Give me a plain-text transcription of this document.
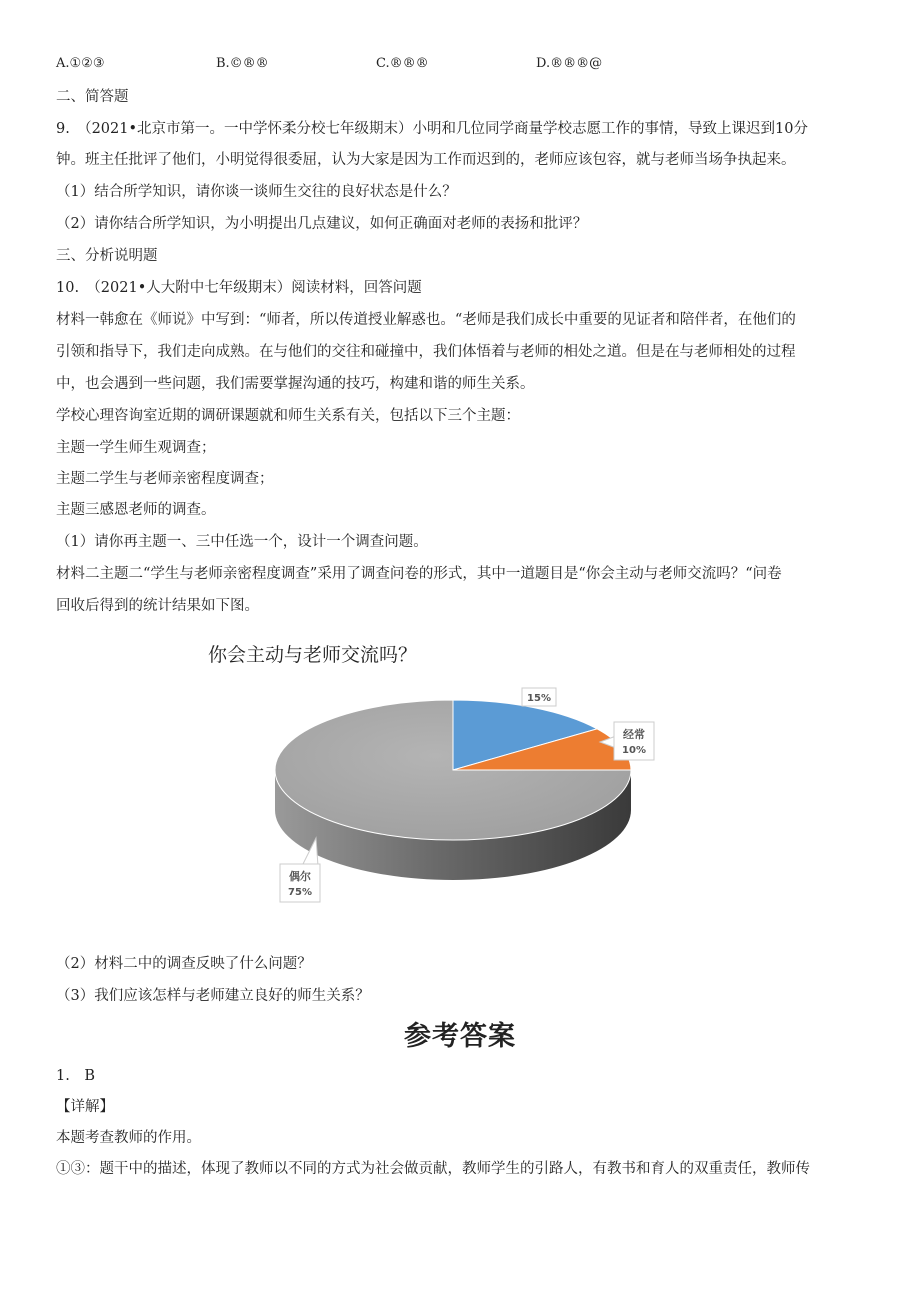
A.①②③	B.©®®	C.®®®	D.®®®@
二、简答题
9.　（2021•北京市第一。一中学怀柔分校七年级期末）小明和几位同学商量学校志愿工作的事情，导致上课迟到10分
钟。班主任批评了他们，小明觉得很委屈，认为大家是因为工作而迟到的，老师应该包容，就与老师当场争执起来。
（1）结合所学知识，请你谈一谈师生交往的良好状态是什么？
（2）请你结合所学知识，为小明提出几点建议，如何正确面对老师的表扬和批评？
三、分析说明题
10.　（2021•人大附中七年级期末）阅读材料，回答问题
材料一韩愈在《师说》中写到：“师者，所以传道授业解惑也。“老师是我们成长中重要的见证者和陪伴者，在他们的
引领和指导下，我们走向成熟。在与他们的交往和碰撞中，我们体悟着与老师的相处之道。但是在与老师相处的过程
中，也会遇到一些问题，我们需要掌握沟通的技巧，构建和谐的师生关系。
学校心理咨询室近期的调研课题就和师生关系有关，包括以下三个主题：
主题一学生师生观调查；
主题二学生与老师亲密程度调查；
主题三感恩老师的调查。
（1）请你再主题一、三中任选一个，设计一个调查问题。
材料二主题二“学生与老师亲密程度调查”采用了调查问卷的形式，其中一道题目是“你会主动与老师交流吗？“问卷
回收后得到的统计结果如下图。
你会主动与老师交流吗？
15%
经常
10%
偶尔
75%
（2）材料二中的调查反映了什么问题？
（3）我们应该怎样与老师建立良好的师生关系？
参考答案
1.　B
【详解】
本题考查教师的作用。
①③：题干中的描述，体现了教师以不同的方式为社会做贡献，教师学生的引路人，有教书和育人的双重责任，教师传
